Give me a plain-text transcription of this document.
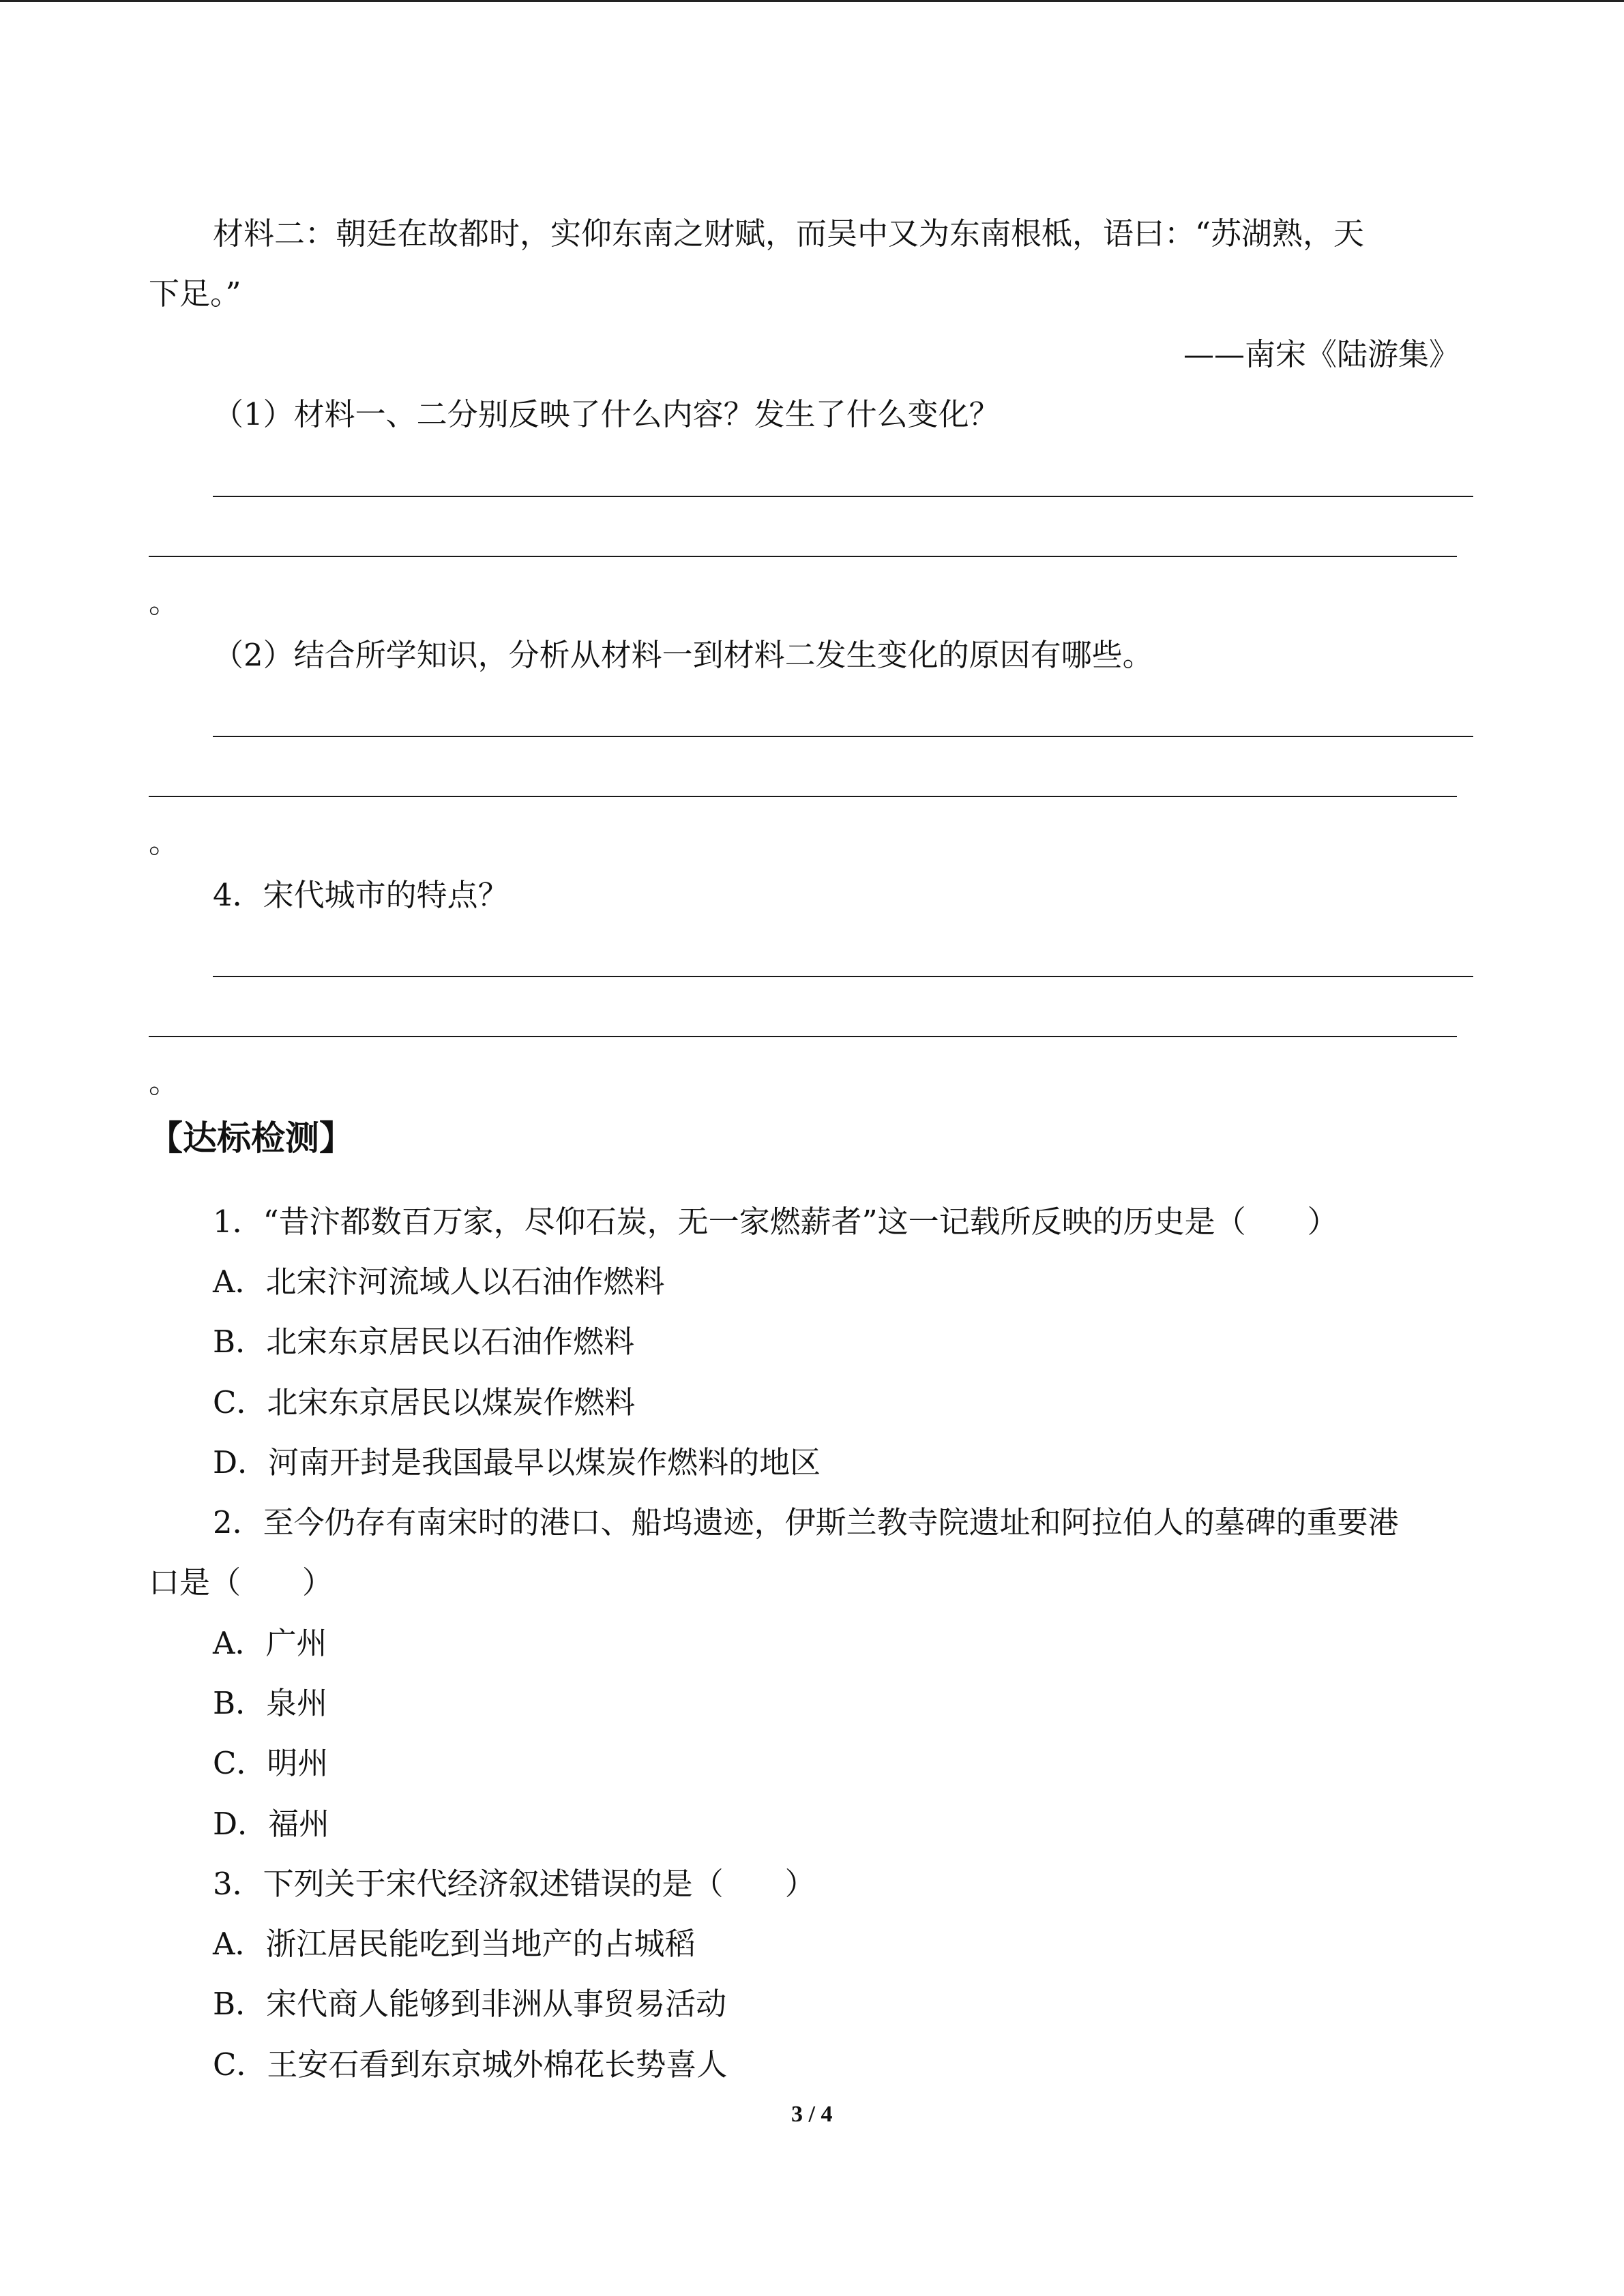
材料二：朝廷在故都时，实仰东南之财赋，而吴中又为东南根柢，语曰：“苏湖熟，天
下足。”
——南宋《陆游集》
（1）材料一、二分别反映了什么内容？发生了什么变化？
。
（2）结合所学知识，分析从材料一到材料二发生变化的原因有哪些。
。
4．宋代城市的特点？
。
【达标检测】
1．“昔汴都数百万家，尽仰石炭，无一家燃薪者”这一记载所反映的历史是（　　）
A．北宋汴河流域人以石油作燃料
B．北宋东京居民以石油作燃料
C．北宋东京居民以煤炭作燃料
D．河南开封是我国最早以煤炭作燃料的地区
2．至今仍存有南宋时的港口、船坞遗迹，伊斯兰教寺院遗址和阿拉伯人的墓碑的重要港
口是（　　）
A．广州
B．泉州
C．明州
D．福州
3．下列关于宋代经济叙述错误的是（　　）
A．浙江居民能吃到当地产的占城稻
B．宋代商人能够到非洲从事贸易活动
C．王安石看到东京城外棉花长势喜人
3 / 4
